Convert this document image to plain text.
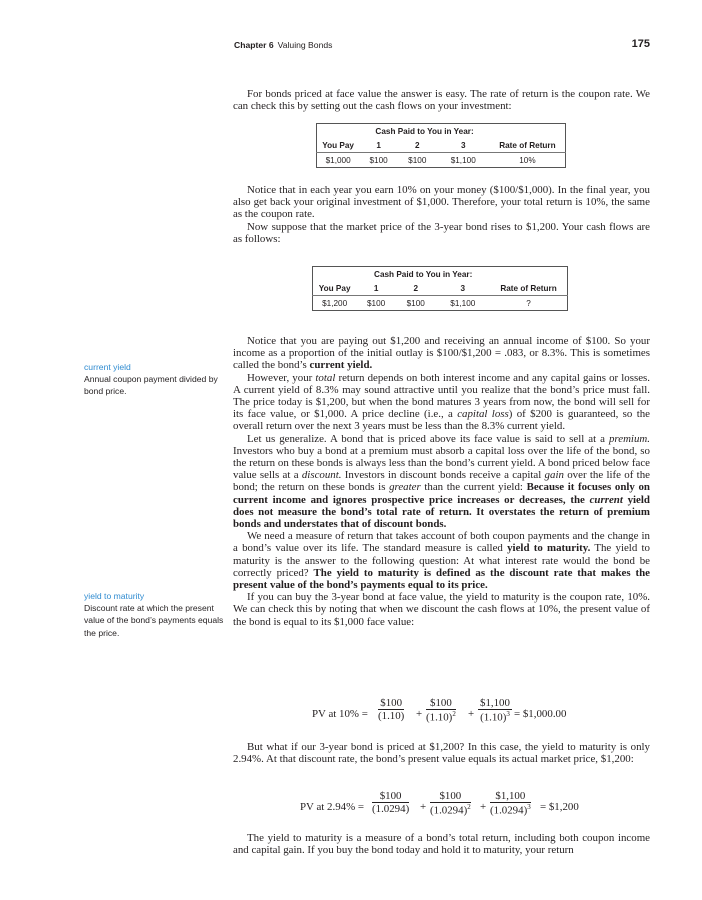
Chapter 6 Valuing Bonds	175

For bonds priced at face value the answer is easy. The rate of return is the coupon rate. We can check this by setting out the cash flows on your investment:

	Cash Paid to You in Year:			
You Pay	1	2	3	Rate of Return
$1,000	$100	$100	$1,100	10%

Notice that in each year you earn 10% on your money ($100/$1,000). In the final year, you also get back your original investment of $1,000. Therefore, your total return is 10%, the same as the coupon rate.

Now suppose that the market price of the 3-year bond rises to $1,200. Your cash flows are as follows:

	Cash Paid to You in Year:			
You Pay	1	2	3	Rate of Return
$1,200	$100	$100	$1,100	?

Notice that you are paying out $1,200 and receiving an annual income of $100. So your income as a proportion of the initial outlay is $100/$1,200 = .083, or 8.3%. This is sometimes called the bond’s current yield.

However, your total return depends on both interest income and any capital gains or losses. A current yield of 8.3% may sound attractive until you realize that the bond’s price must fall. The price today is $1,200, but when the bond matures 3 years from now, the bond will sell for its face value, or $1,000. A price decline (i.e., a capital loss) of $200 is guaranteed, so the overall return over the next 3 years must be less than the 8.3% current yield.

Let us generalize. A bond that is priced above its face value is said to sell at a premium. Investors who buy a bond at a premium must absorb a capital loss over the life of the bond, so the return on these bonds is always less than the bond’s current yield. A bond priced below face value sells at a discount. Investors in discount bonds receive a capital gain over the life of the bond; the return on these bonds is greater than the current yield: Because it focuses only on current income and ignores prospective price increases or decreases, the current yield does not measure the bond’s total rate of return. It overstates the return of premium bonds and understates that of discount bonds.

We need a measure of return that takes account of both coupon payments and the change in a bond’s value over its life. The standard measure is called yield to maturity. The yield to maturity is the answer to the following question: At what interest rate would the bond be correctly priced? The yield to maturity is defined as the discount rate that makes the present value of the bond’s payments equal to its price.

If you can buy the 3-year bond at face value, the yield to maturity is the coupon rate, 10%. We can check this by noting that when we discount the cash flows at 10%, the present value of the bond is equal to its $1,000 face value:

PV at $10\% = \frac{\$100}{(1.10)} + \frac{\$100}{(1.10)^2} + \frac{\$1,100}{(1.10)^3}$ = $1,000.00

But what if our 3-year bond is priced at $1,200? In this case, the yield to maturity is only 2.94%. At that discount rate, the bond’s present value equals its actual market price, $1,200:

PV at $2.94\% = \frac{\$100}{(1.0294)} + \frac{\$100}{(1.0294)^2} + \frac{\$1,100}{(1.0294)^3}$ = $1,200

The yield to maturity is a measure of a bond’s total return, including both coupon income and capital gain. If you buy the bond today and hold it to maturity, your return

current yield
Annual coupon payment divided by bond price.
yield to maturity
Discount rate at which the present value of the bond’s payments equals the price.
